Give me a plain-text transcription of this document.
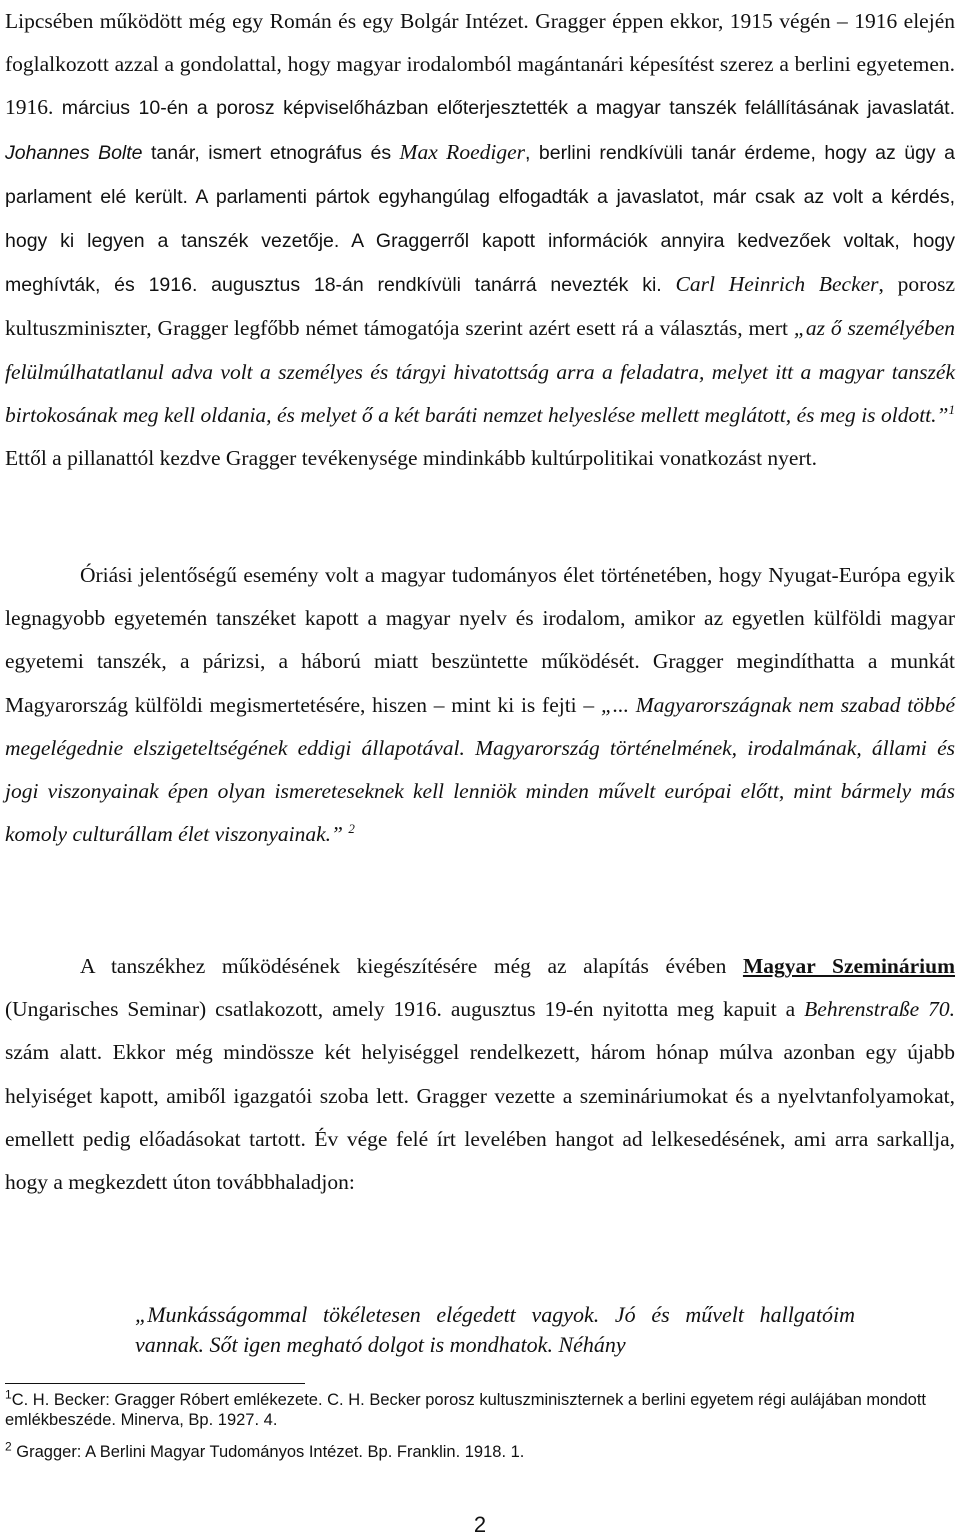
Lipcsében működött még egy Román és egy Bolgár Intézet. Gragger éppen ekkor, 1915 végén – 1916 elején foglalkozott azzal a gondolattal, hogy magyar irodalomból magántanári képesítést szerez a berlini egyetemen. 1916. március 10-én a porosz képviselőházban előterjesztették a magyar tanszék felállításának javaslatát. Johannes Bolte tanár, ismert etnográfus és Max Roediger, berlini rendkívüli tanár érdeme, hogy az ügy a parlament elé került. A parlamenti pártok egyhangúlag elfogadták a javaslatot, már csak az volt a kérdés, hogy ki legyen a tanszék vezetője. A Graggerről kapott információk annyira kedvezőek voltak, hogy meghívták, és 1916. augusztus 18-án rendkívüli tanárrá nevezték ki. Carl Heinrich Becker, porosz kultuszminiszter, Gragger legfőbb német támogatója szerint azért esett rá a választás, mert „az ő személyében felülmúlhatatlanul adva volt a személyes és tárgyi hivatottság arra a feladatra, melyet itt a magyar tanszék birtokosának meg kell oldania, és melyet ő a két baráti nemzet helyeslése mellett meglátott, és meg is oldott.”$^1$ Ettől a pillanattól kezdve Gragger tevékenysége mindinkább kultúrpolitikai vonatkozást nyert.

Óriási jelentőségű esemény volt a magyar tudományos élet történetében, hogy Nyugat-Európa egyik legnagyobb egyetemén tanszéket kapott a magyar nyelv és irodalom, amikor az egyetlen külföldi magyar egyetemi tanszék, a párizsi, a háború miatt beszüntette működését. Gragger megindíthatta a munkát Magyarország külföldi megismertetésére, hiszen – mint ki is fejti – „... Magyarországnak nem szabad többé megelégednie elszigeteltségének eddigi állapotával. Magyarország történelmének, irodalmának, állami és jogi viszonyainak épen olyan ismereteseknek kell lenniök minden művelt európai előtt, mint bármely más komoly culturállam élet viszonyainak.” $^2$

A tanszékhez működésének kiegészítésére még az alapítás évében Magyar Szeminárium (Ungarisches Seminar) csatlakozott, amely 1916. augusztus 19-én nyitotta meg kapuit a Behrenstraße 70. szám alatt. Ekkor még mindössze két helyiséggel rendelkezett, három hónap múlva azonban egy újabb helyiséget kapott, amiből igazgatói szoba lett. Gragger vezette a szemináriumokat és a nyelvtanfolyamokat, emellett pedig előadásokat tartott. Év vége felé írt levelében hangot ad lelkesedésének, ami arra sarkallja, hogy a megkezdett úton továbbhaladjon:

„Munkásságommal tökéletesen elégedett vagyok. Jó és művelt hallgatóim vannak. Sőt igen megható dolgot is mondhatok. Néhány

$^1$C. H. Becker: Gragger Róbert emlékezete. C. H. Becker porosz kultuszminiszternek a berlini egyetem régi aulájában mondott emlékbeszéde. Minerva, Bp. 1927. 4.

$^2$ Gragger: A Berlini Magyar Tudományos Intézet. Bp. Franklin. 1918. 1.

2
